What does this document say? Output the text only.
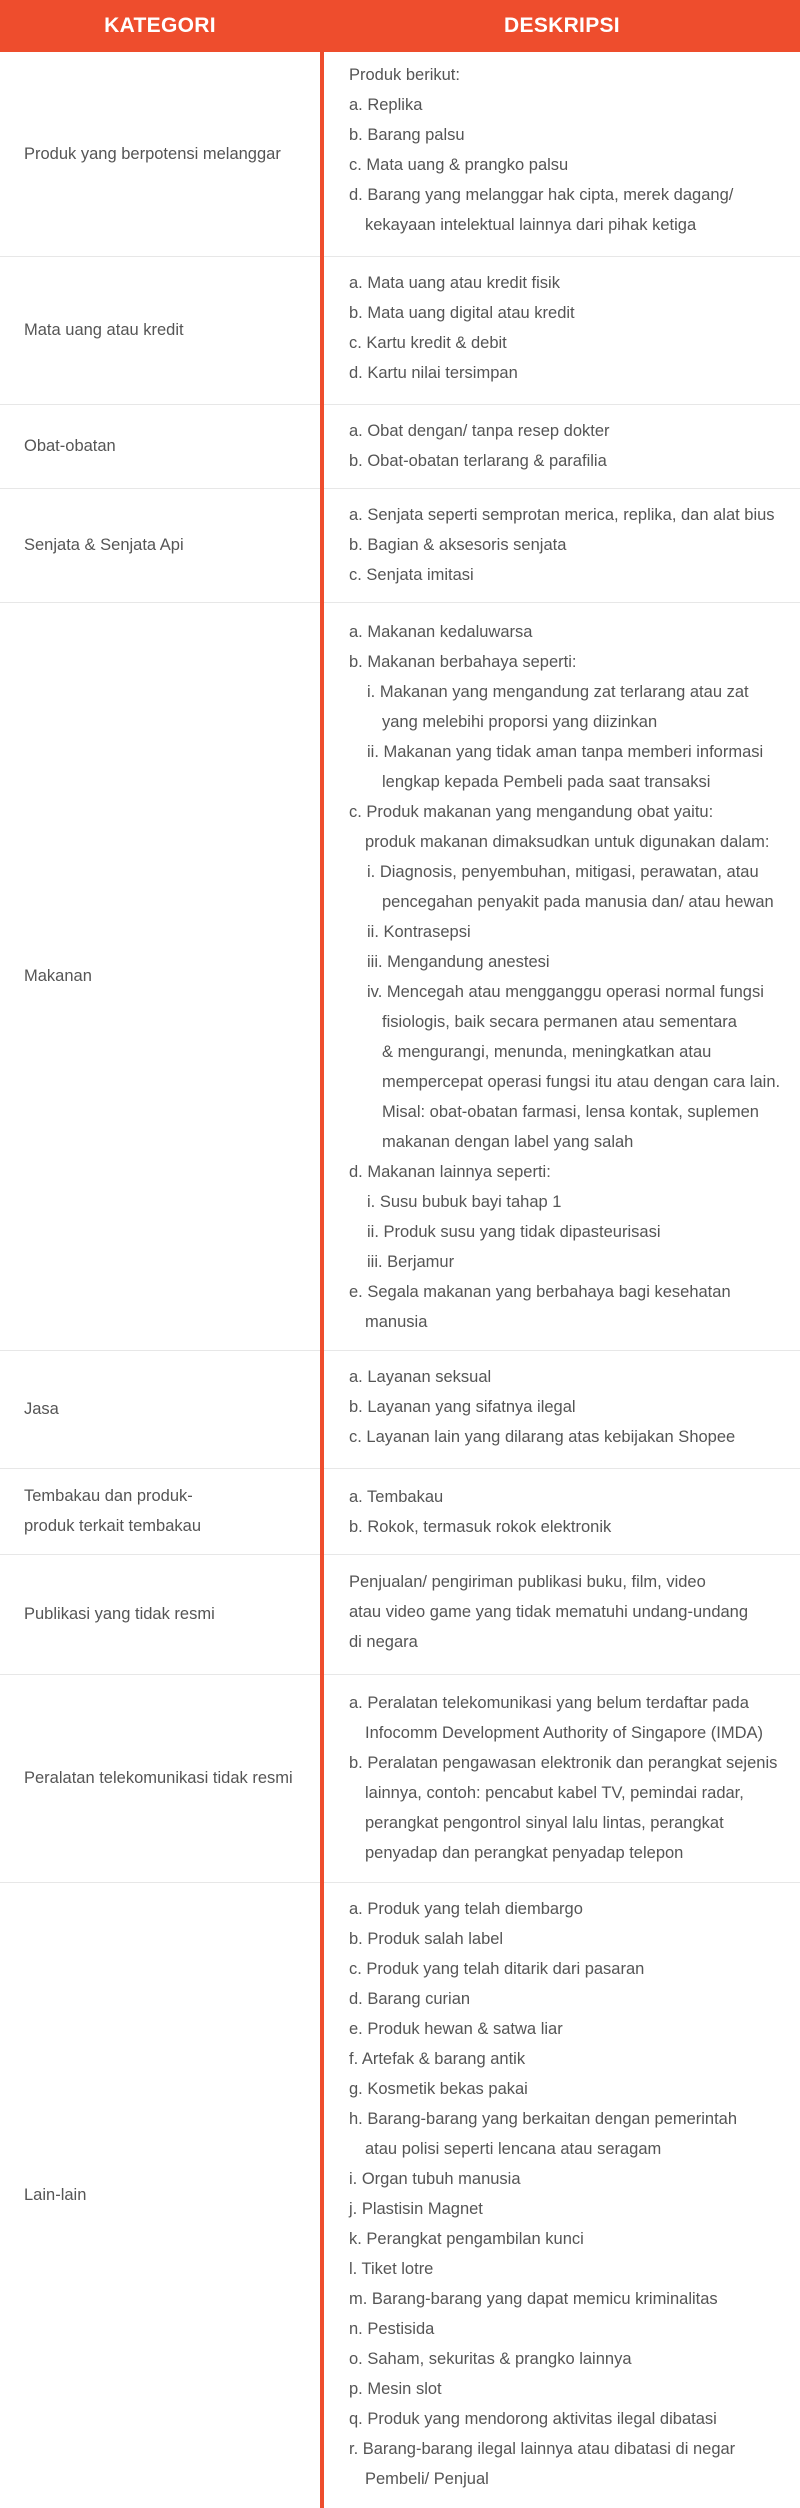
KATEGORI	DESKRIPSI
Produk yang berpotensi melanggar
Produk berikut:
a. Replika
b. Barang palsu
c. Mata uang & prangko palsu
d. Barang yang melanggar hak cipta, merek dagang/
kekayaan intelektual lainnya dari pihak ketiga
Mata uang atau kredit
a. Mata uang atau kredit fisik
b. Mata uang digital atau kredit
c. Kartu kredit & debit
d. Kartu nilai tersimpan
Obat-obatan
a. Obat dengan/ tanpa resep dokter
b. Obat-obatan terlarang & parafilia
Senjata & Senjata Api
a. Senjata seperti semprotan merica, replika, dan alat bius
b. Bagian & aksesoris senjata
c. Senjata imitasi
Makanan
a. Makanan kedaluwarsa
b. Makanan berbahaya seperti:
i. Makanan yang mengandung zat terlarang atau zat
yang melebihi proporsi yang diizinkan
ii. Makanan yang tidak aman tanpa memberi informasi
lengkap kepada Pembeli pada saat transaksi
c. Produk makanan yang mengandung obat yaitu:
produk makanan dimaksudkan untuk digunakan dalam:
i. Diagnosis, penyembuhan, mitigasi, perawatan, atau
pencegahan penyakit pada manusia dan/ atau hewan
ii. Kontrasepsi
iii. Mengandung anestesi
iv. Mencegah atau mengganggu operasi normal fungsi
fisiologis, baik secara permanen atau sementara
& mengurangi, menunda, meningkatkan atau
mempercepat operasi fungsi itu atau dengan cara lain.
Misal: obat-obatan farmasi, lensa kontak, suplemen
makanan dengan label yang salah
d. Makanan lainnya seperti:
i. Susu bubuk bayi tahap 1
ii. Produk susu yang tidak dipasteurisasi
iii. Berjamur
e. Segala makanan yang berbahaya bagi kesehatan
manusia
Jasa
a. Layanan seksual
b. Layanan yang sifatnya ilegal
c. Layanan lain yang dilarang atas kebijakan Shopee
Tembakau dan produk-produk terkait tembakau
a. Tembakau
b. Rokok, termasuk rokok elektronik
Publikasi yang tidak resmi
Penjualan/ pengiriman publikasi buku, film, video
atau video game yang tidak mematuhi undang-undang
di negara
Peralatan telekomunikasi tidak resmi
a. Peralatan telekomunikasi yang belum terdaftar pada
Infocomm Development Authority of Singapore (IMDA)
b. Peralatan pengawasan elektronik dan perangkat sejenis
lainnya, contoh: pencabut kabel TV, pemindai radar,
perangkat pengontrol sinyal lalu lintas, perangkat
penyadap dan perangkat penyadap telepon
Lain-lain
a. Produk yang telah diembargo
b. Produk salah label
c. Produk yang telah ditarik dari pasaran
d. Barang curian
e. Produk hewan & satwa liar
f. Artefak & barang antik
g. Kosmetik bekas pakai
h. Barang-barang yang berkaitan dengan pemerintah
atau polisi seperti lencana atau seragam
i. Organ tubuh manusia
j. Plastisin Magnet
k. Perangkat pengambilan kunci
l. Tiket lotre
m. Barang-barang yang dapat memicu kriminalitas
n. Pestisida
o. Saham, sekuritas & prangko lainnya
p. Mesin slot
q. Produk yang mendorong aktivitas ilegal dibatasi
r. Barang-barang ilegal lainnya atau dibatasi di negar
Pembeli/ Penjual
